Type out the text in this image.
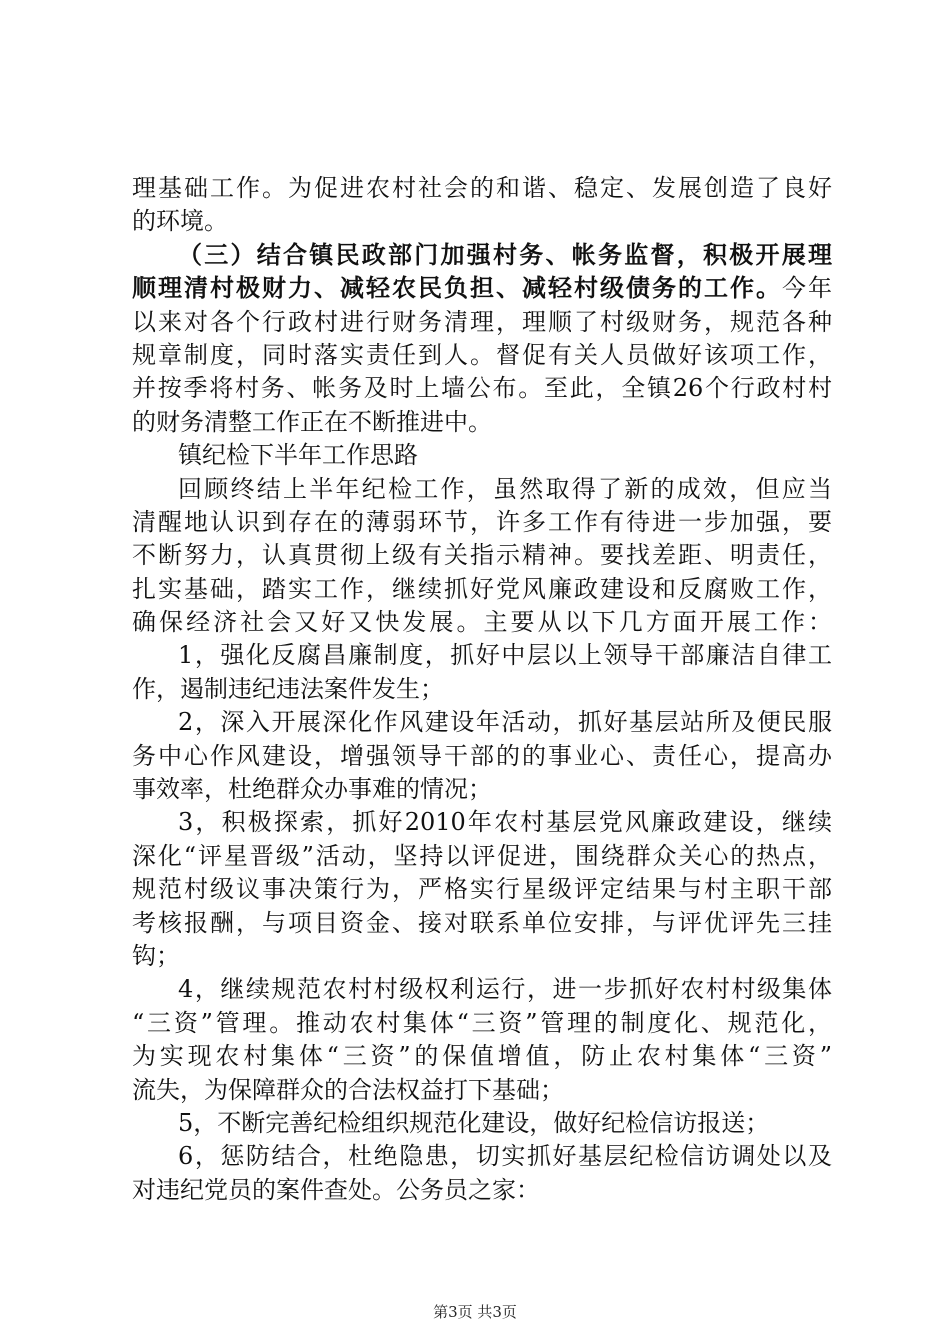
理基础工作。为促进农村社会的和谐、稳定、发展创造了良好
的环境。
（三）结合镇民政部门加强村务、帐务监督，积极开展理
顺理清村极财力、减轻农民负担、减轻村级债务的工作。今年
以来对各个行政村进行财务清理，理顺了村级财务，规范各种
规章制度，同时落实责任到人。督促有关人员做好该项工作，
并按季将村务、帐务及时上墙公布。至此，全镇26个行政村村
的财务清整工作正在不断推进中。
镇纪检下半年工作思路
回顾终结上半年纪检工作，虽然取得了新的成效，但应当
清醒地认识到存在的薄弱环节，许多工作有待进一步加强，要
不断努力，认真贯彻上级有关指示精神。要找差距、明责任，
扎实基础，踏实工作，继续抓好党风廉政建设和反腐败工作，
确保经济社会又好又快发展。主要从以下几方面开展工作：
1，强化反腐昌廉制度，抓好中层以上领导干部廉洁自律工
作，遏制违纪违法案件发生；
2，深入开展深化作风建设年活动，抓好基层站所及便民服
务中心作风建设，增强领导干部的的事业心、责任心，提高办
事效率，杜绝群众办事难的情况；
3，积极探索，抓好2010年农村基层党风廉政建设，继续
深化“评星晋级”活动，坚持以评促进，围绕群众关心的热点，
规范村级议事决策行为，严格实行星级评定结果与村主职干部
考核报酬，与项目资金、接对联系单位安排，与评优评先三挂
钩；
4，继续规范农村村级权利运行，进一步抓好农村村级集体
“三资”管理。推动农村集体“三资”管理的制度化、规范化，
为实现农村集体“三资”的保值增值，防止农村集体“三资”
流失，为保障群众的合法权益打下基础；
5，不断完善纪检组织规范化建设，做好纪检信访报送；
6，惩防结合，杜绝隐患，切实抓好基层纪检信访调处以及
对违纪党员的案件查处。公务员之家：
第3页 共3页
